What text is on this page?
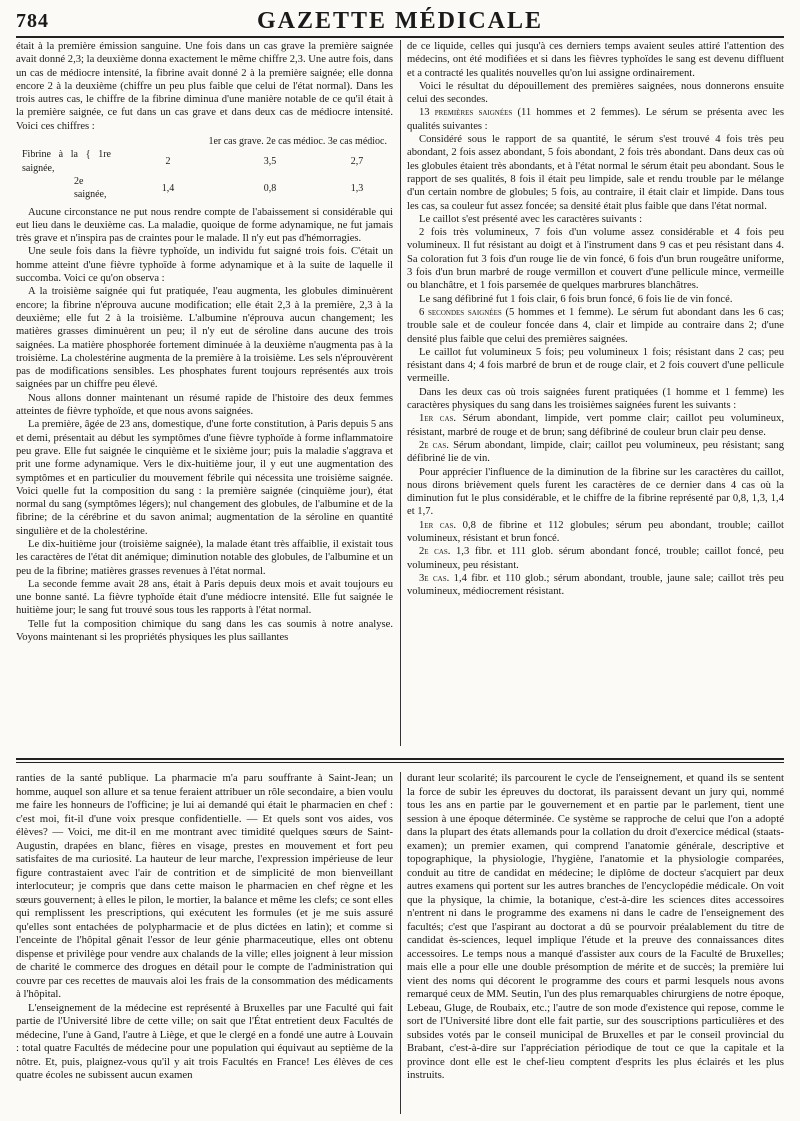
784	GAZETTE MÉDICALE

était à la première émission sanguine. Une fois dans un cas grave la première saignée avait donné 2,3; la deuxième donna exactement le même chiffre 2,3. Une autre fois, dans un cas de médiocre intensité, la fibrine avait donné 2 à la première saignée; elle donna encore 2 à la deuxième (chiffre un peu plus faible que celui de l'état normal). Dans les trois autres cas, le chiffre de la fibrine diminua d'une manière notable de ce qu'il était à la première saignée, ce fut dans un cas grave et dans deux cas de médiocre intensité. Voici ces chiffres :

	1er cas grave. 2e cas médioc. 3e cas médioc.		
Fibrine à la { 1re saignée,	2	3,5	2,7
2e saignée,	1,4	0,8	1,3

Aucune circonstance ne put nous rendre compte de l'abaissement si considérable qui eut lieu dans le deuxième cas. La maladie, quoique de forme adynamique, ne fut jamais très grave et n'inspira pas de craintes pour le malade. Il n'y eut pas d'hémorragies.

Une seule fois dans la fièvre typhoïde, un individu fut saigné trois fois. C'était un homme atteint d'une fièvre typhoïde à forme adynamique et à la suite de laquelle il succomba. Voici ce qu'on observa :

A la troisième saignée qui fut pratiquée, l'eau augmenta, les globules diminuèrent encore; la fibrine n'éprouva aucune modification; elle était 2,3 à la première, 2,3 à la deuxième; elle fut 2 à la troisième. L'albumine n'éprouva aucun changement; les matières grasses diminuèrent un peu; il n'y eut de séroline dans aucune des trois saignées. La matière phosphorée fortement diminuée à la deuxième n'augmenta pas à la troisième. La cholestérine augmenta de la première à la troisième. Les sels n'éprouvèrent pas de modifications sensibles. Les phosphates furent toujours représentés aux trois saignées par un chiffre peu élevé.

Nous allons donner maintenant un résumé rapide de l'histoire des deux femmes atteintes de fièvre typhoïde, et que nous avons saignées.

La première, âgée de 23 ans, domestique, d'une forte constitution, à Paris depuis 5 ans et demi, présentait au début les symptômes d'une fièvre typhoïde à forme inflammatoire peu grave. Elle fut saignée le cinquième et le sixième jour; puis la maladie s'aggrava et prit une forme adynamique. Vers le dix-huitième jour, il y eut une augmentation des symptômes et en particulier du mouvement fébrile qui nécessita une troisième saignée. Voici quelle fut la composition du sang : la première saignée (cinquième jour), état normal du sang (symptômes légers); nul changement des globules, de l'albumine et de la fibrine; de la cérébrine et du savon animal; augmentation de la séroline en quantité singulière et de la cholestérine.

Le dix-huitième jour (troisième saignée), la malade étant très affaiblie, il existait tous les caractères de l'état dit anémique; diminution notable des globules, de l'albumine et un peu de la fibrine; matières grasses revenues à l'état normal.

La seconde femme avait 28 ans, était à Paris depuis deux mois et avait toujours eu une bonne santé. La fièvre typhoïde était d'une médiocre intensité. Elle fut saignée le huitième jour; le sang fut trouvé sous tous les rapports à l'état normal.

Telle fut la composition chimique du sang dans les cas soumis à notre analyse. Voyons maintenant si les propriétés physiques les plus saillantes

de ce liquide, celles qui jusqu'à ces derniers temps avaient seules attiré l'attention des médecins, ont été modifiées et si dans les fièvres typhoïdes le sang est devenu diffluent et a contracté les qualités nouvelles qu'on lui assigne ordinairement.

Voici le résultat du dépouillement des premières saignées, nous donnerons ensuite celui des secondes.

13 premières saignées (11 hommes et 2 femmes). Le sérum se présenta avec les qualités suivantes :

Considéré sous le rapport de sa quantité, le sérum s'est trouvé 4 fois très peu abondant, 2 fois assez abondant, 5 fois abondant, 2 fois très abondant. Dans deux cas où les globules étaient très abondants, et à l'état normal le sérum était peu abondant. Sous le rapport de ses qualités, 8 fois il était peu limpide, sale et rendu trouble par le mélange d'un certain nombre de globules; 5 fois, au contraire, il était clair et limpide. Dans tous les cas, sa couleur fut assez foncée; sa densité était plus faible que dans l'état normal.

Le caillot s'est présenté avec les caractères suivants :

2 fois très volumineux, 7 fois d'un volume assez considérable et 4 fois peu volumineux. Il fut résistant au doigt et à l'instrument dans 9 cas et peu résistant dans 4. Sa coloration fut 3 fois d'un rouge lie de vin foncé, 6 fois d'un brun rougeâtre uniforme, 3 fois d'un brun marbré de rouge vermillon et couvert d'une pellicule mince, vermeille ou blanchâtre, et 1 fois parsemée de quelques marbrures blanchâtres.

Le sang défibriné fut 1 fois clair, 6 fois brun foncé, 6 fois lie de vin foncé.

6 secondes saignées (5 hommes et 1 femme). Le sérum fut abondant dans les 6 cas; trouble sale et de couleur foncée dans 4, clair et limpide au contraire dans 2; d'une densité plus faible que celui des premières saignées.

Le caillot fut volumineux 5 fois; peu volumineux 1 fois; résistant dans 2 cas; peu résistant dans 4; 4 fois marbré de brun et de rouge clair, et 2 fois couvert d'une pellicule vermeille.

Dans les deux cas où trois saignées furent pratiquées (1 homme et 1 femme) les caractères physiques du sang dans les troisièmes saignées furent les suivants :

1er cas. Sérum abondant, limpide, vert pomme clair; caillot peu volumineux, résistant, marbré de rouge et de brun; sang défibriné de couleur brun clair peu dense.

2e cas. Sérum abondant, limpide, clair; caillot peu volumineux, peu résistant; sang défibriné lie de vin.

Pour apprécier l'influence de la diminution de la fibrine sur les caractères du caillot, nous dirons brièvement quels furent les caractères de ce dernier dans 4 cas où la diminution fut le plus considérable, et le chiffre de la fibrine représenté par 0,8, 1,3, 1,4 et 1,7.

1er cas. 0,8 de fibrine et 112 globules; sérum peu abondant, trouble; caillot volumineux, résistant et brun foncé.

2e cas. 1,3 fibr. et 111 glob. sérum abondant foncé, trouble; caillot foncé, peu volumineux, peu résistant.

3e cas. 1,4 fibr. et 110 glob.; sérum abondant, trouble, jaune sale; caillot très peu volumineux, médiocrement résistant.

ranties de la santé publique. La pharmacie m'a paru souffrante à Saint-Jean; un homme, auquel son allure et sa tenue feraient attribuer un rôle secondaire, a bien voulu me faire les honneurs de l'officine; je lui ai demandé qui était le pharmacien en chef : c'est moi, fit-il d'une voix presque confidentielle. — Et quels sont vos aides, vos élèves? — Voici, me dit-il en me montrant avec timidité quelques sœurs de Saint-Augustin, drapées en blanc, fières en visage, prestes en mouvement et fort peu satisfaites de ma curiosité. La hauteur de leur marche, l'expression impérieuse de leur figure contrastaient avec l'air de contrition et de simplicité de mon bienveillant interlocuteur; je compris que dans cette maison le pharmacien en chef règne et les sœurs gouvernent; à elles le pilon, le mortier, la balance et même les clefs; ce sont elles qui remplissent les prescriptions, qui exécutent les formules (et je me suis assuré qu'elles sont entachées de polypharmacie et de plus dictées en latin); et comme si l'enceinte de l'hôpital gênait l'essor de leur génie pharmaceutique, elles ont obtenu dispense et privilège pour vendre aux chalands de la ville; elles joignent à leur mission de charité le commerce des drogues en détail pour le compte de l'administration qui couvre par ces recettes de mauvais aloi les frais de la consommation des médicaments à l'hôpital.

L'enseignement de la médecine est représenté à Bruxelles par une Faculté qui fait partie de l'Université libre de cette ville; on sait que l'État entretient deux Facultés de médecine, l'une à Gand, l'autre à Liège, et que le clergé en a fondé une autre à Louvain : total quatre Facultés de médecine pour une population qui équivaut au septième de la nôtre. Et, puis, plaignez-vous qu'il y ait trois Facultés en France! Les élèves de ces quatre écoles ne subissent aucun examen

durant leur scolarité; ils parcourent le cycle de l'enseignement, et quand ils se sentent la force de subir les épreuves du doctorat, ils paraissent devant un jury qui, nommé tous les ans en partie par le gouvernement et en partie par le parlement, tient une session à une époque déterminée. Ce système se rapproche de celui que l'on a adopté dans la plupart des états allemands pour la collation du droit d'exercice médical (staats-examen); un premier examen, qui comprend l'anatomie générale, descriptive et topographique, la physiologie, l'hygiène, l'anatomie et la physiologie comparées, conduit au titre de candidat en médecine; le diplôme de docteur s'acquiert par deux autres examens qui portent sur les autres branches de l'encyclopédie médicale. On voit que la physique, la chimie, la botanique, c'est-à-dire les sciences dites accessoires n'entrent ni dans le programme des examens ni dans le cadre de l'enseignement des facultés; c'est que l'aspirant au doctorat a dû se pourvoir préalablement du titre de candidat ès-sciences, lequel implique l'étude et la preuve des connaissances dites accessoires. Le temps nous a manqué d'assister aux cours de la Faculté de Bruxelles; mais elle a pour elle une double présomption de mérite et de succès; la première lui vient des noms qui décorent le programme des cours et parmi lesquels nous avons remarqué ceux de MM. Seutin, l'un des plus remarquables chirurgiens de notre époque, Lebeau, Gluge, de Roubaix, etc.; l'autre de son mode d'existence qui repose, comme le sort de l'Université libre dont elle fait partie, sur des souscriptions particulières et des subsides votés par le conseil municipal de Bruxelles et par le conseil provincial du Brabant, c'est-à-dire sur l'appréciation périodique de tout ce que la capitale et la province dont elle est le chef-lieu comptent d'esprits les plus éclairés et les plus instruits.
